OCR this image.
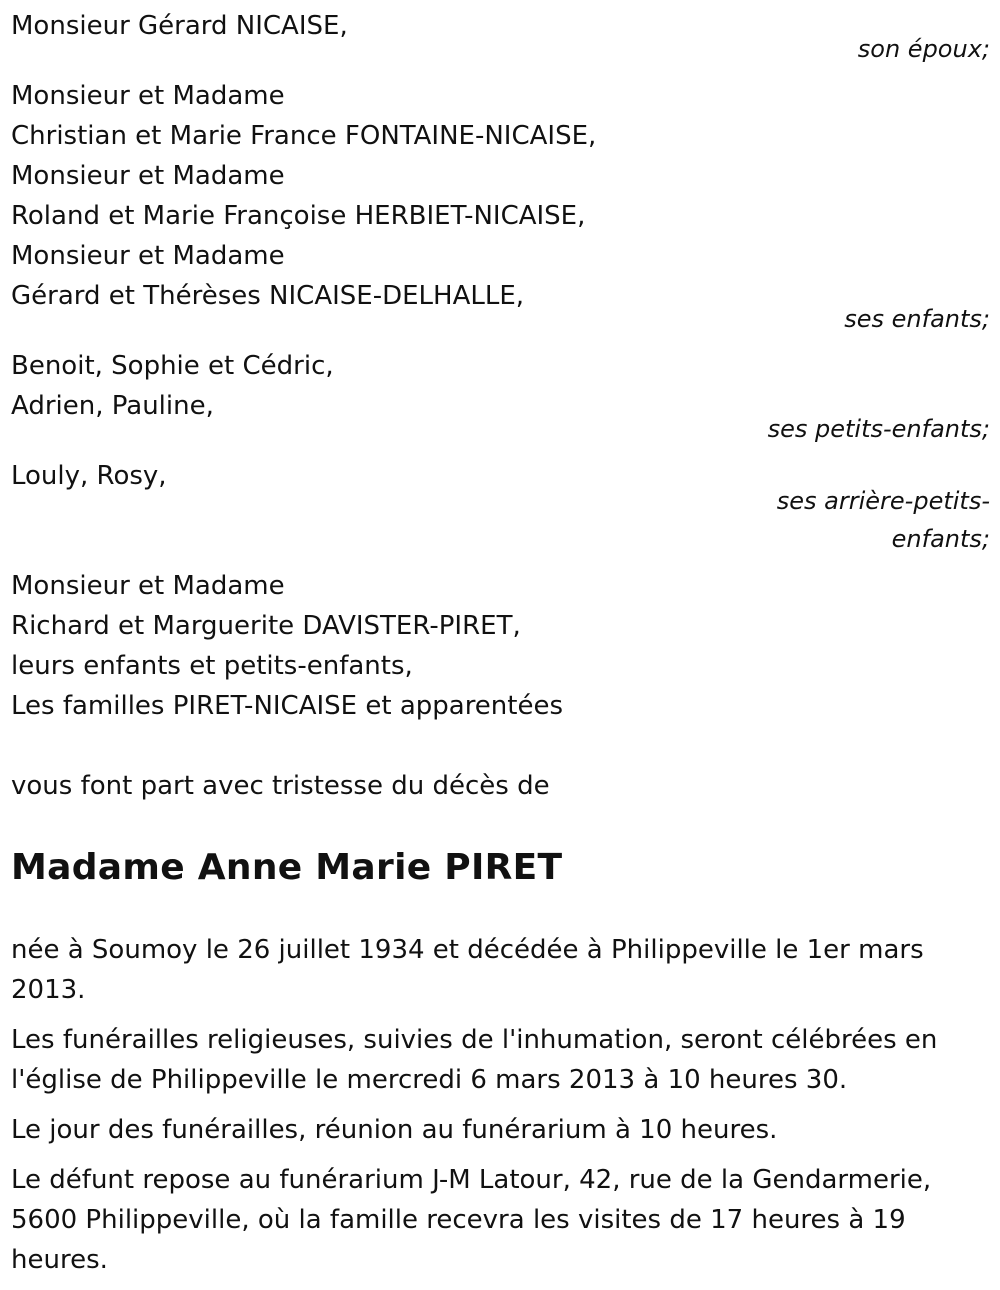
Monsieur Gérard NICAISE,
son époux;
Monsieur et Madame
Christian et Marie France FONTAINE-NICAISE,
Monsieur et Madame
Roland et Marie Françoise HERBIET-NICAISE,
Monsieur et Madame
Gérard et Thérèses NICAISE-DELHALLE,
ses enfants;
Benoit, Sophie et Cédric,
Adrien, Pauline,
ses petits-enfants;
Louly, Rosy,
ses arrière-petits-enfants;
Monsieur et Madame
Richard et Marguerite DAVISTER-PIRET,
leurs enfants et petits-enfants,
Les familles PIRET-NICAISE et apparentées
vous font part avec tristesse du décès de
Madame Anne Marie PIRET

née à Soumoy le 26 juillet 1934 et décédée à Philippeville le 1er mars 2013.

Les funérailles religieuses, suivies de l'inhumation, seront célébrées en l'église de Philippeville le mercredi 6 mars 2013 à 10 heures 30.

Le jour des funérailles, réunion au funérarium à 10 heures.

Le défunt repose au funérarium J-M Latour, 42, rue de la Gendarmerie, 5600 Philippeville, où la famille recevra les visites de 17 heures à 19 heures.
